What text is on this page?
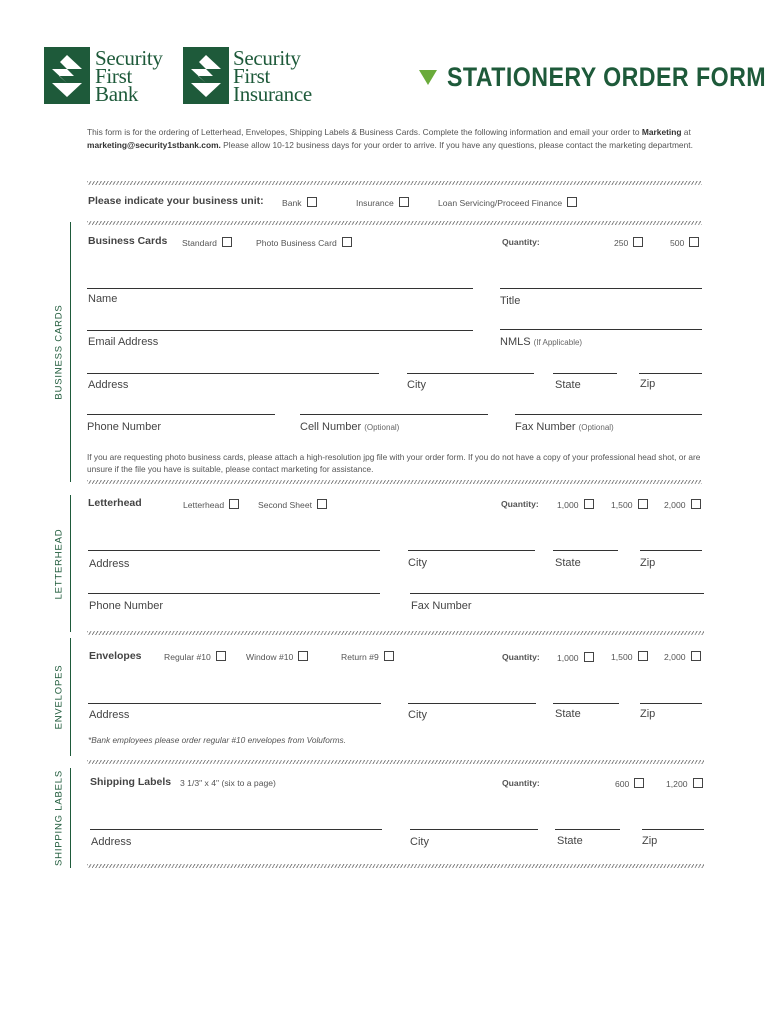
Security
First
Bank
Security
First
Insurance
STATIONERY ORDER FORM
This form is for the ordering of Letterhead, Envelopes, Shipping Labels & Business Cards. Complete the following information and email your order to Marketing at marketing@security1stbank.com. Please allow 10-12 business days for your order to arrive. If you have any questions, please contact the marketing department.
Please indicate your business unit: Bank	Insurance	Loan Servicing/Proceed Finance
BUSINESS CARDS
Business Cards Standard	Photo Business Card	Quantity:	250	500
Name	Title
Email Address	NMLS (If Applicable)
Address	City	State	Zip
Phone Number	Cell Number (Optional)	Fax Number (Optional)
If you are requesting photo business cards, please attach a high-resolution jpg file with your order form. If you do not have a copy of your professional head shot, or are unsure if the file you have is suitable, please contact marketing for assistance.
LETTERHEAD
Letterhead	Letterhead	Second Sheet	Quantity: 1,000	1,500	2,000
Address	City	State	Zip
Phone Number	Fax Number
ENVELOPES
Envelopes	Regular #10	Window #10	Return #9	Quantity: 1,000	1,500	2,000
Address	City	State	Zip
*Bank employees please order regular #10 envelopes from Voluforms.
SHIPPING LABELS Shipping Labels 3 1/3" x 4" (six to a page)	Quantity:	600	1,200
Address	City	State	Zip
